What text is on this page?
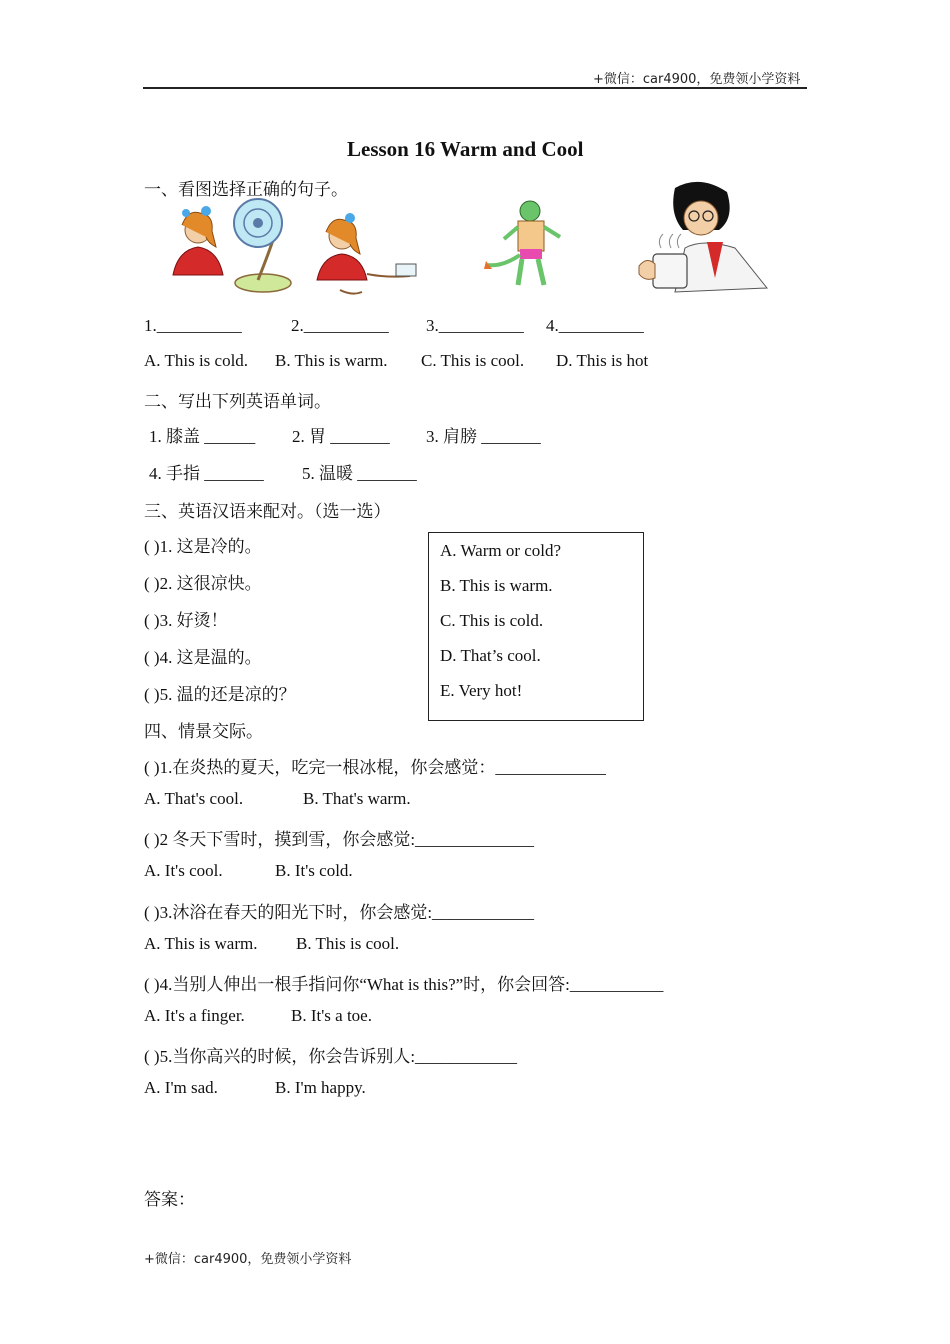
+微信：car4900，免费领小学资料
Lesson 16 Warm and Cool
一、看图选择正确的句子。
1.__________	2.__________ 3.__________ 4.__________
A. This is cold. B. This is warm. C. This is cool. D. This is hot
二、写出下列英语单词。
1. 膝盖 ______ 2. 胃 _______ 3. 肩膀 _______
4. 手指 _______ 5. 温暖 _______
三、英语汉语来配对。（选一选）
( )1. 这是冷的。
( )2. 这很凉快。
( )3. 好烫！
( )4. 这是温的。
( )5. 温的还是凉的？
A. Warm or cold?
B. This is warm.
C. This is cold.
D. That’s cool.
E. Very hot!
四、情景交际。
( )1.在炎热的夏天，吃完一根冰棍，你会感觉：_____________
A. That's cool.	B. That's warm.
( )2 冬天下雪时，摸到雪，你会感觉:______________
A. It's cool.	B. It's cold.
( )3.沐浴在春天的阳光下时，你会感觉:____________
A. This is warm. B. This is cool.
( )4.当别人伸出一根手指问你“What is this?”时，你会回答:___________
A. It's a finger.	B. It's a toe.
( )5.当你高兴的时候，你会告诉别人:____________
A. I'm sad.	B. I'm happy.
答案：
+微信：car4900，免费领小学资料
